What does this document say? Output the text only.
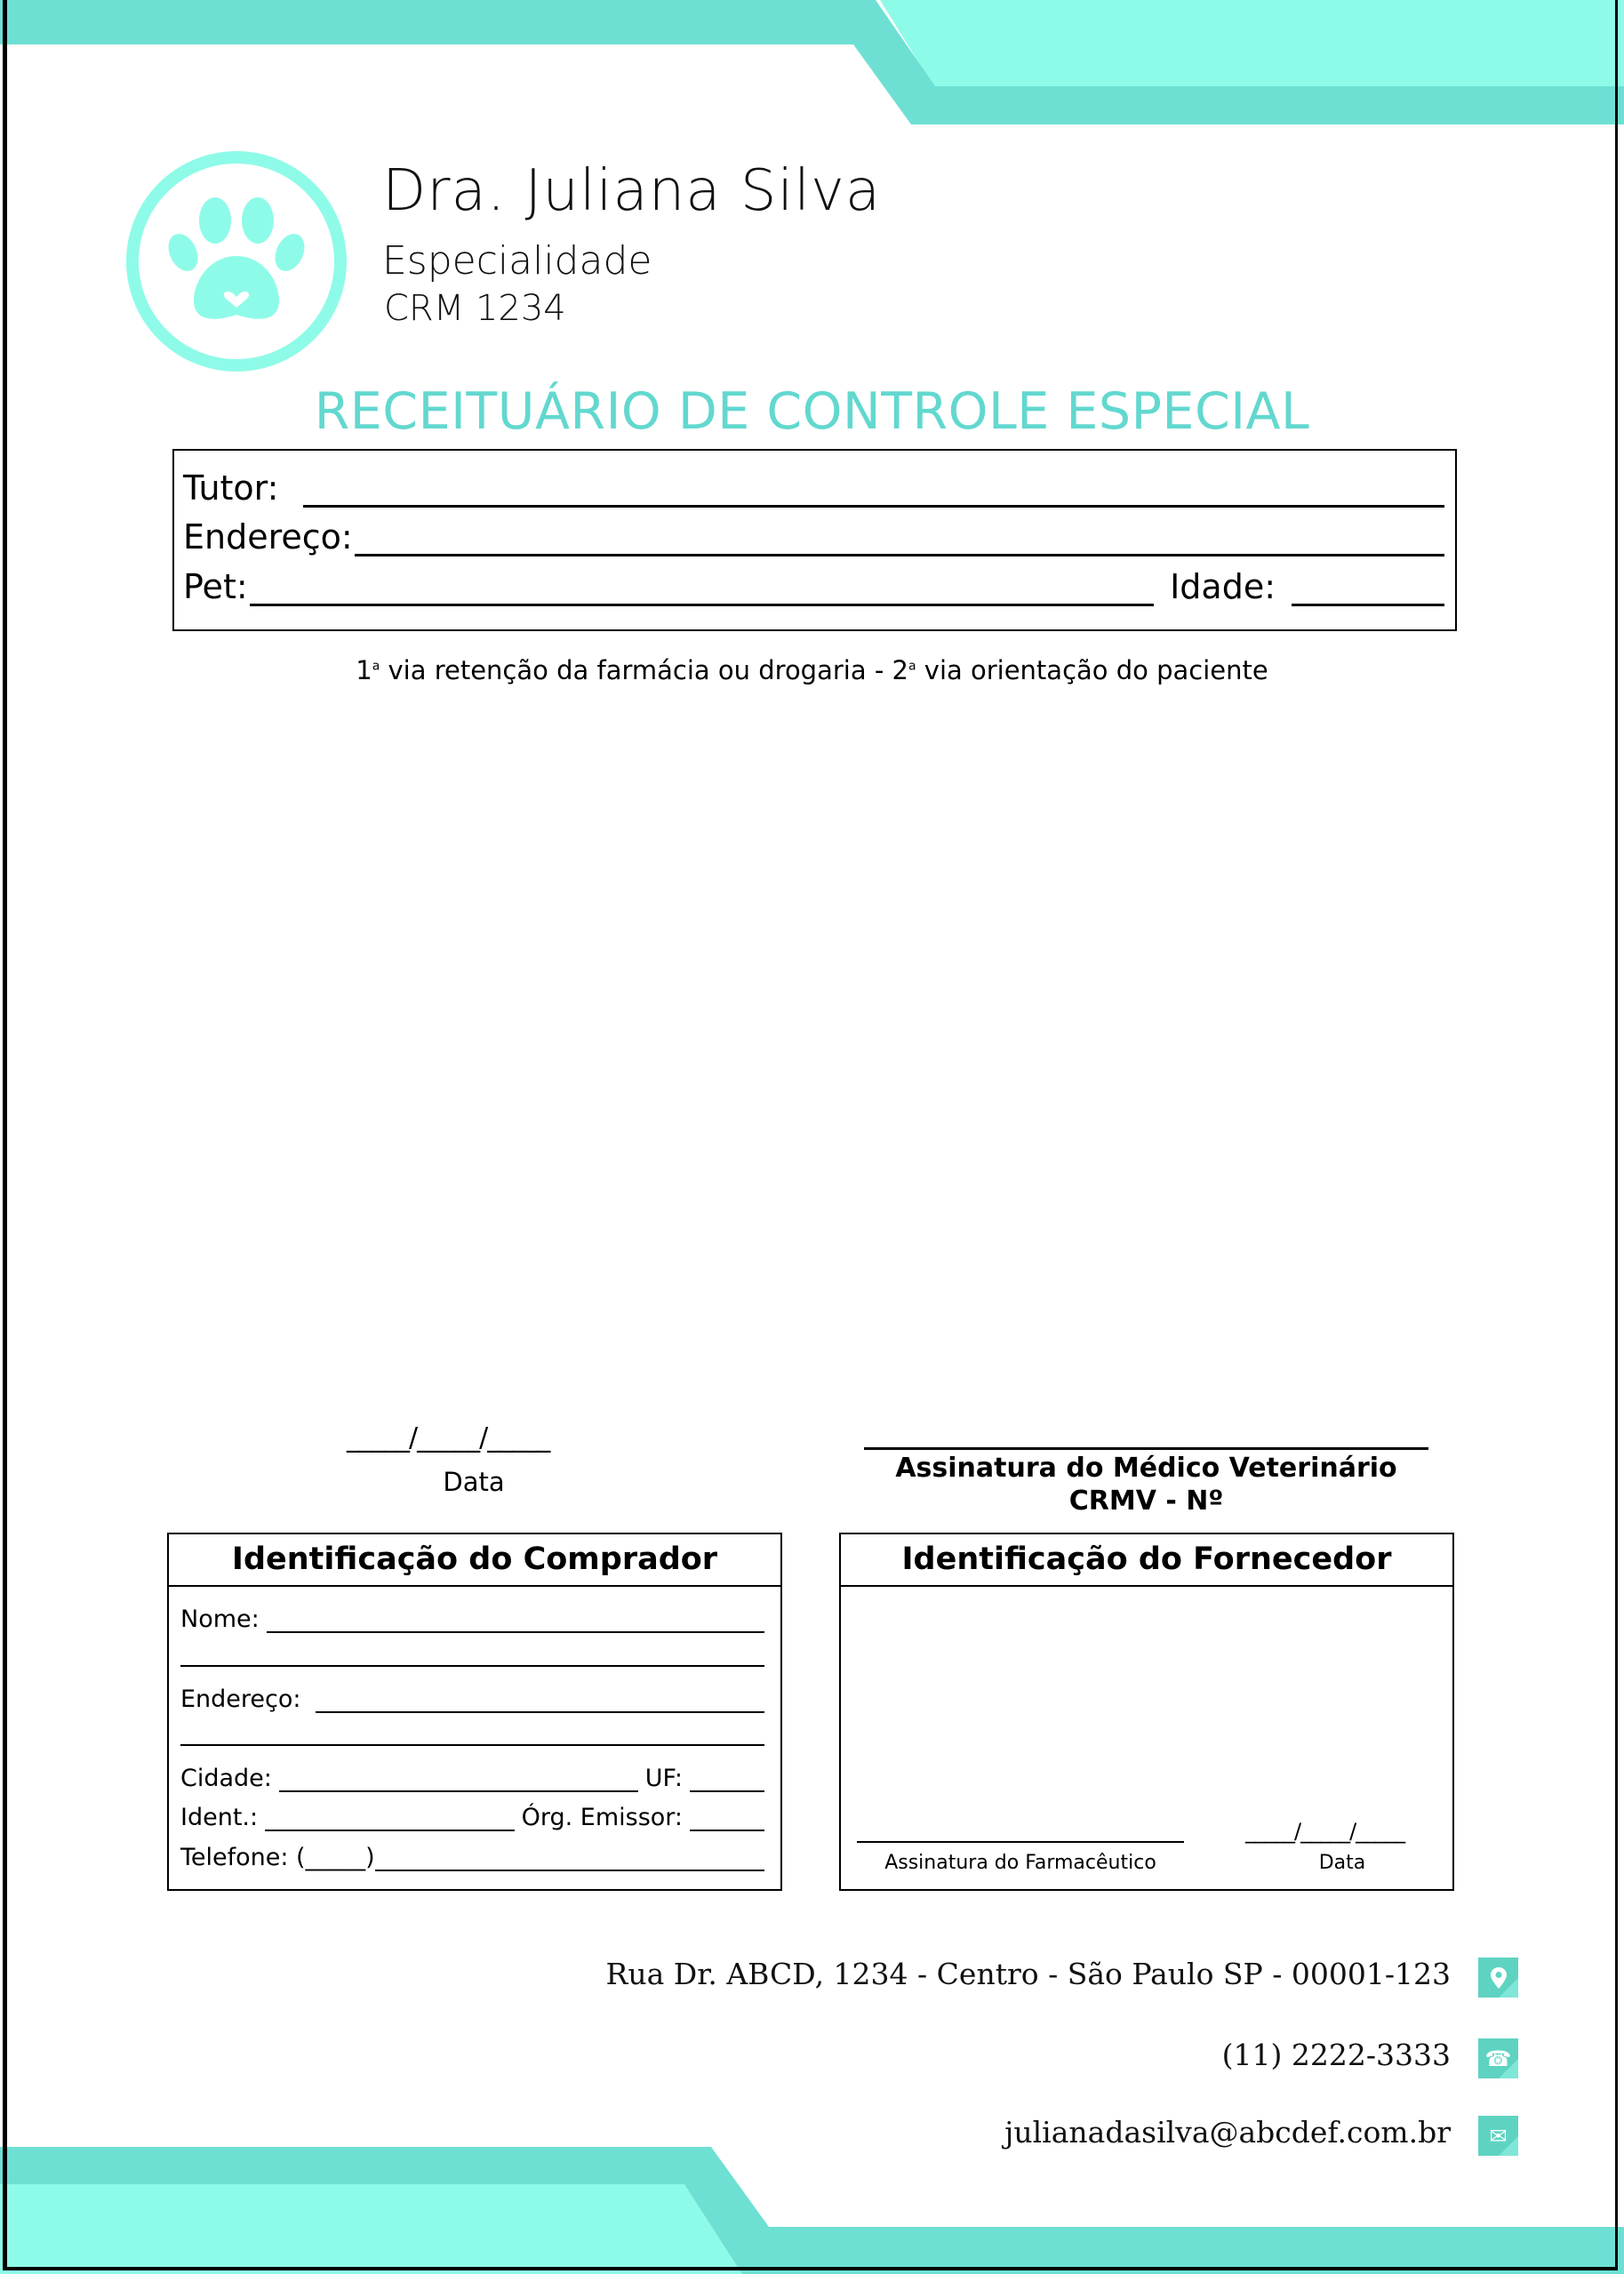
Dra. Juliana Silva
Especialidade
CRM 1234
RECEITUÁRIO DE CONTROLE ESPECIAL
Tutor:
Endereço:
Pet:	Idade:
1$^a$ via retenção da farmácia ou drogaria - 2$^a$ via orientação do paciente
_____/_____/_____
Data	Assinatura do Médico Veterinário
CRMV - Nº
Identificação do Comprador
Nome:
Endereço:
Cidade:	UF:
Ident.:	Órg. Emissor:
Telefone: (_____)
Identificação do Fornecedor
Assinatura do Farmacêutico
_____/_____/_____
Data
Rua Dr. ABCD, 1234 - Centro - São Paulo SP - 00001-123
(11) 2222-3333	☎
julianadasilva@abcdef.com.br	✉
